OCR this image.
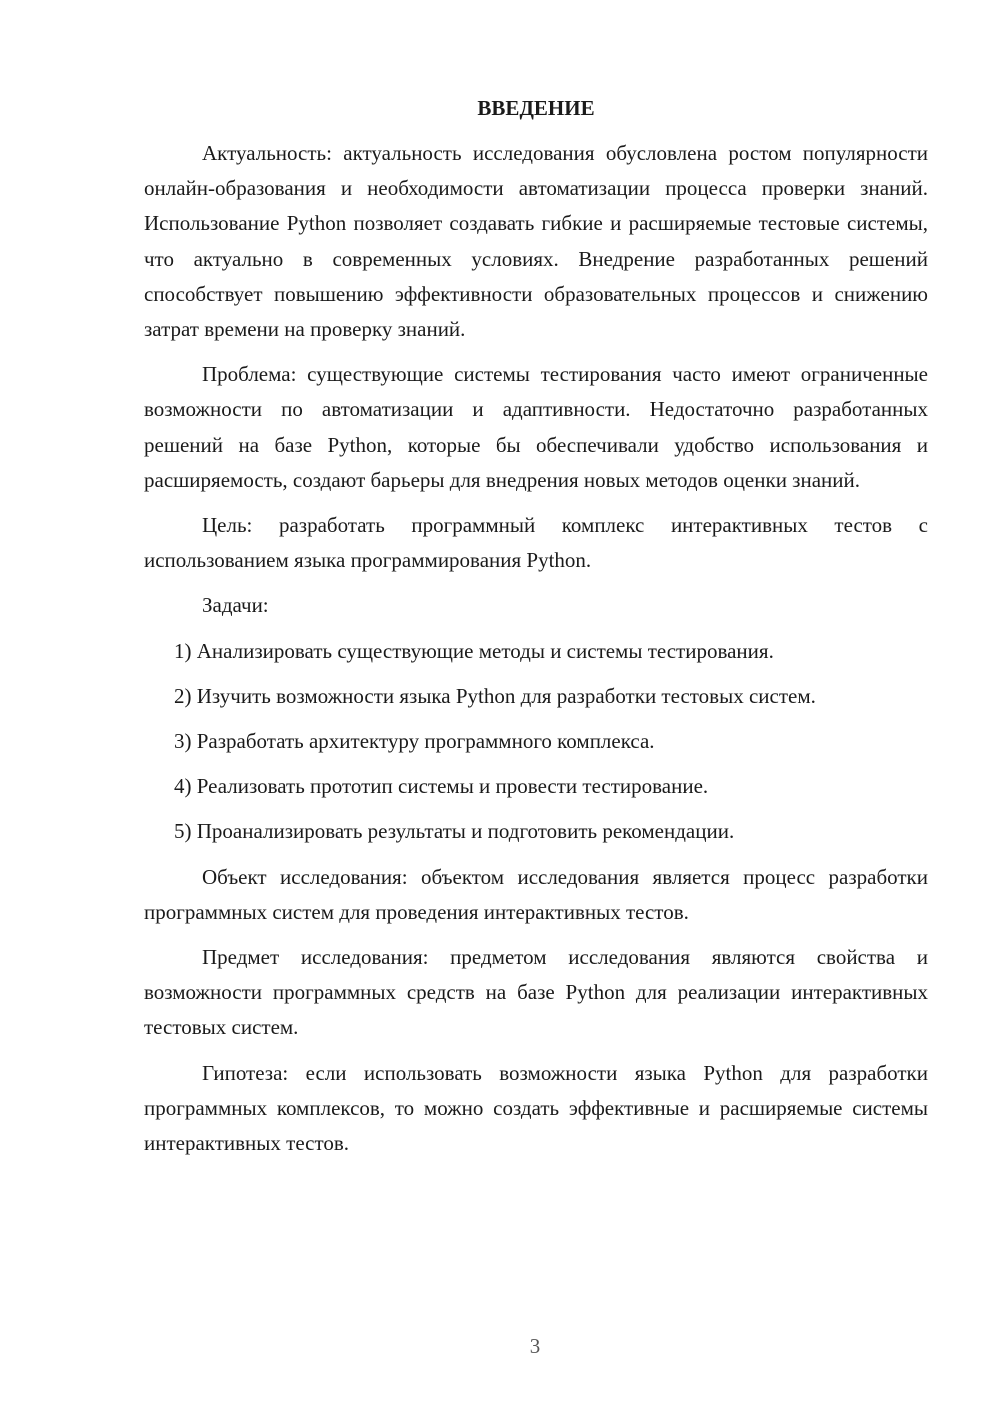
ВВЕДЕНИЕ

Актуальность: актуальность исследования обусловлена ростом популярности онлайн-образования и необходимости автоматизации процесса проверки знаний. Использование Python позволяет создавать гибкие и расширяемые тестовые системы, что актуально в современных условиях. Внедрение разработанных решений способствует повышению эффективности образовательных процессов и снижению затрат времени на проверку знаний.

Проблема: существующие системы тестирования часто имеют ограниченные возможности по автоматизации и адаптивности. Недостаточно разработанных решений на базе Python, которые бы обеспечивали удобство использования и расширяемость, создают барьеры для внедрения новых методов оценки знаний.

Цель: разработать программный комплекс интерактивных тестов с использованием языка программирования Python.

Задачи:

1) Анализировать существующие методы и системы тестирования.
2) Изучить возможности языка Python для разработки тестовых систем.
3) Разработать архитектуру программного комплекса.
4) Реализовать прототип системы и провести тестирование.
5) Проанализировать результаты и подготовить рекомендации.

Объект исследования: объектом исследования является процесс разработки программных систем для проведения интерактивных тестов.

Предмет исследования: предметом исследования являются свойства и возможности программных средств на базе Python для реализации интерактивных тестовых систем.

Гипотеза: если использовать возможности языка Python для разработки программных комплексов, то можно создать эффективные и расширяемые системы интерактивных тестов.

3
